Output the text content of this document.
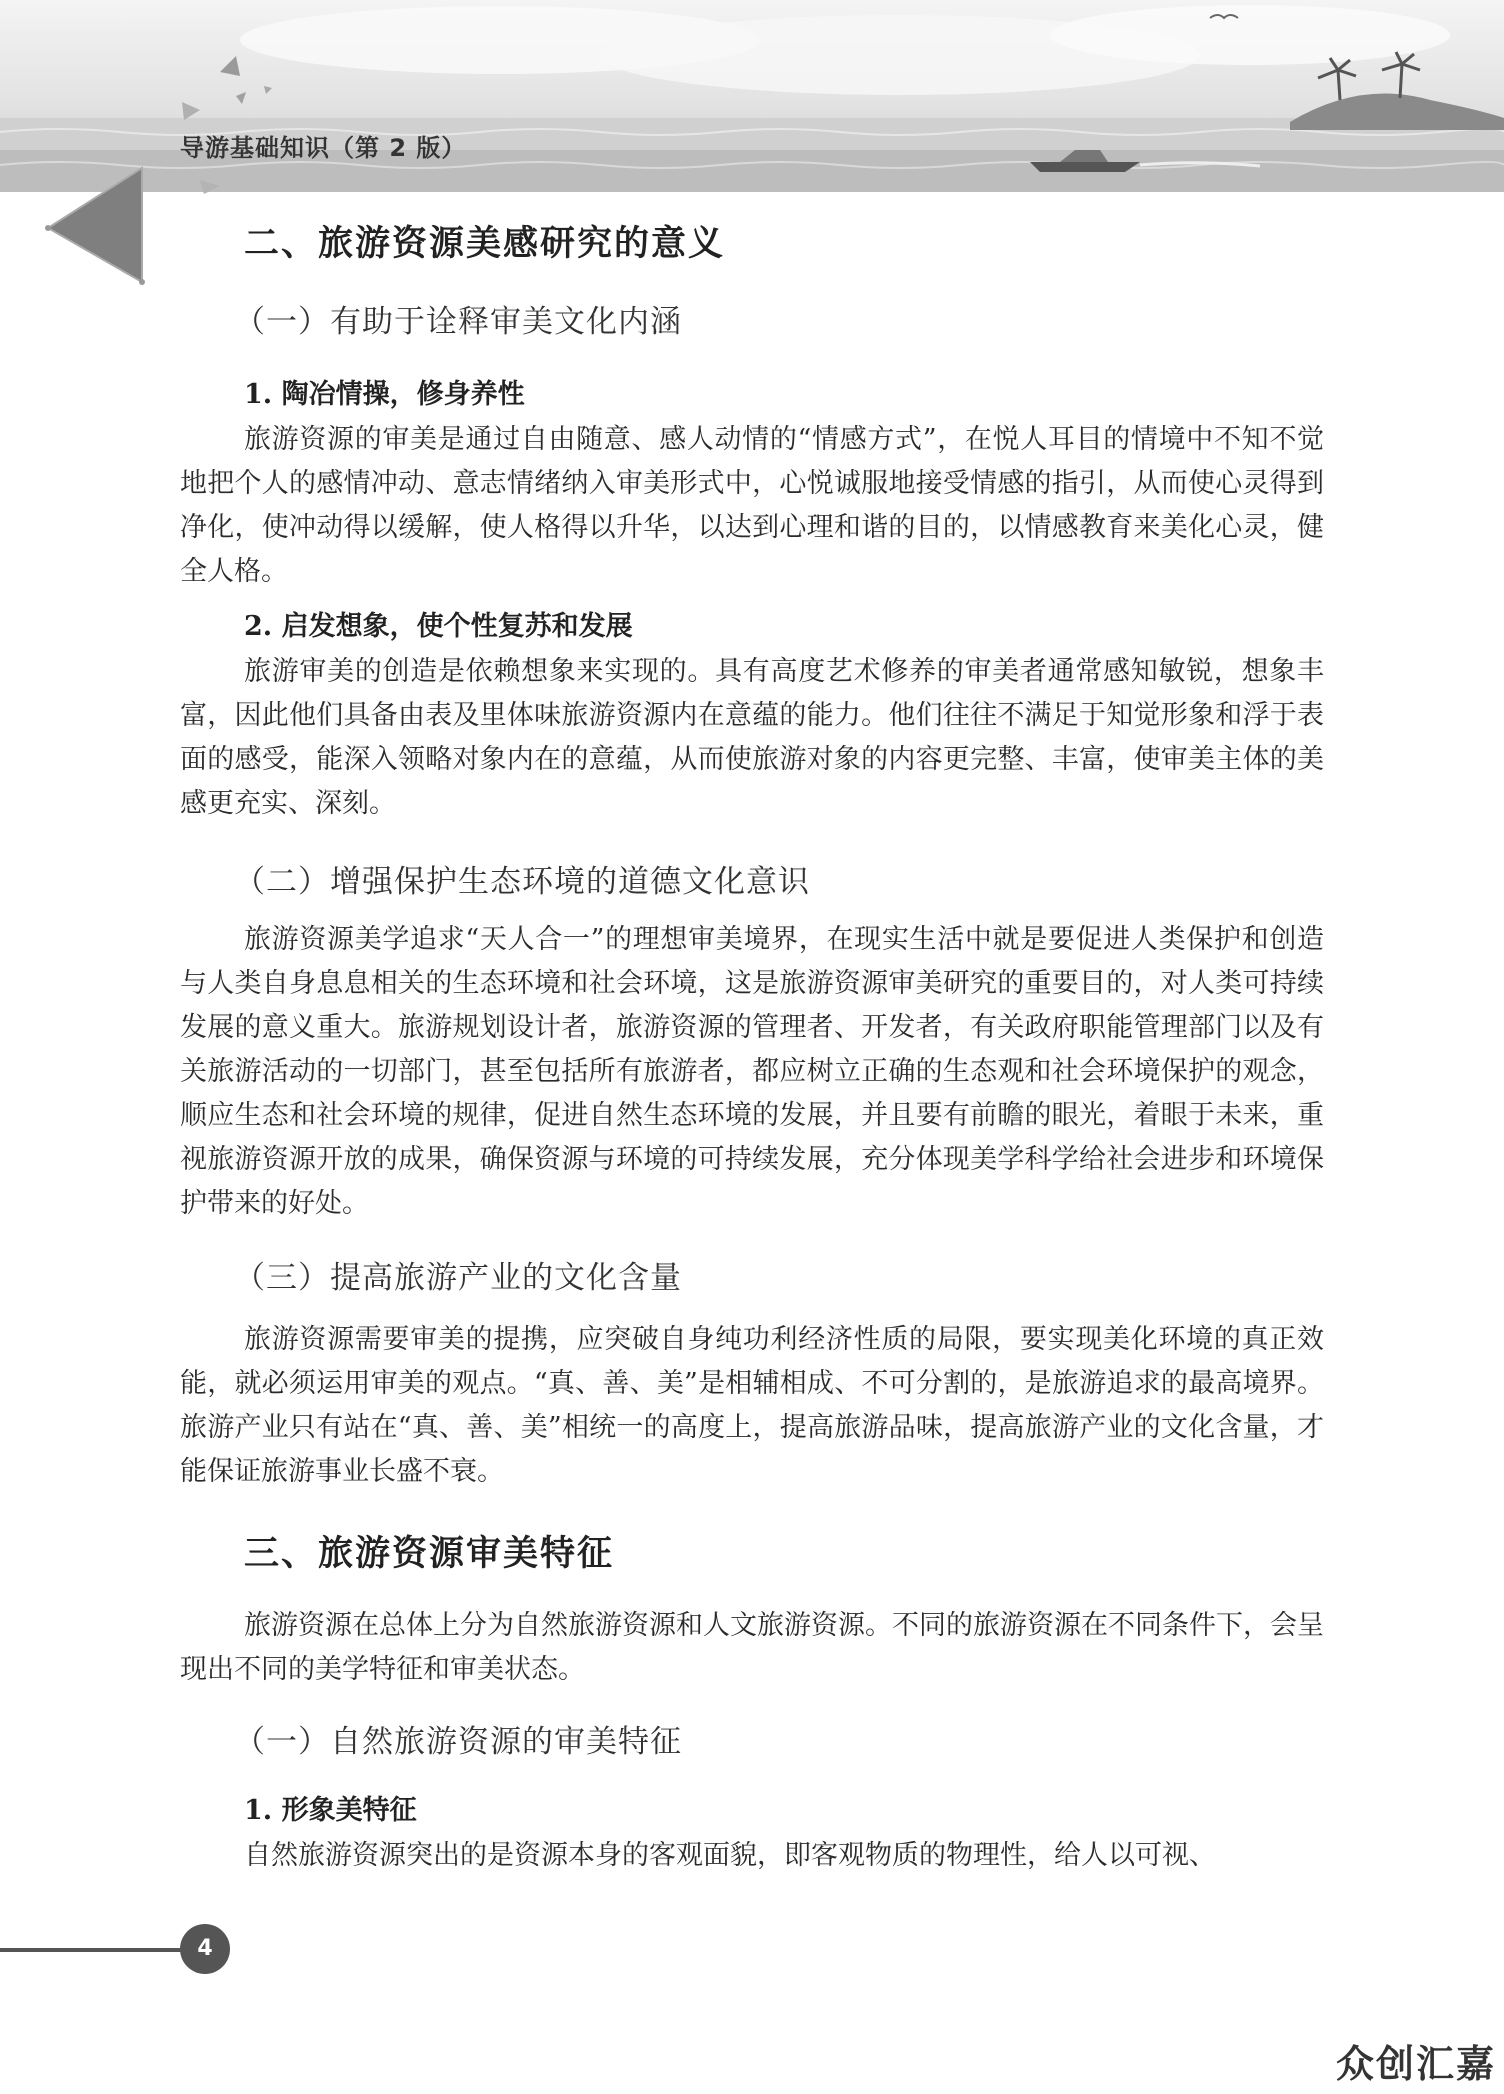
导游基础知识（第 2 版）
二、旅游资源美感研究的意义
（一）有助于诠释审美文化内涵
1. 陶冶情操，修身养性

旅游资源的审美是通过自由随意、感人动情的“情感方式”，在悦人耳目的情境中不知不觉地把个人的感情冲动、意志情绪纳入审美形式中，心悦诚服地接受情感的指引，从而使心灵得到净化，使冲动得以缓解，使人格得以升华，以达到心理和谐的目的，以情感教育来美化心灵，健全人格。

2. 启发想象，使个性复苏和发展

旅游审美的创造是依赖想象来实现的。具有高度艺术修养的审美者通常感知敏锐，想象丰富，因此他们具备由表及里体味旅游资源内在意蕴的能力。他们往往不满足于知觉形象和浮于表面的感受，能深入领略对象内在的意蕴，从而使旅游对象的内容更完整、丰富，使审美主体的美感更充实、深刻。

（二）增强保护生态环境的道德文化意识

旅游资源美学追求“天人合一”的理想审美境界，在现实生活中就是要促进人类保护和创造与人类自身息息相关的生态环境和社会环境，这是旅游资源审美研究的重要目的，对人类可持续发展的意义重大。旅游规划设计者，旅游资源的管理者、开发者，有关政府职能管理部门以及有关旅游活动的一切部门，甚至包括所有旅游者，都应树立正确的生态观和社会环境保护的观念，顺应生态和社会环境的规律，促进自然生态环境的发展，并且要有前瞻的眼光，着眼于未来，重视旅游资源开放的成果，确保资源与环境的可持续发展，充分体现美学科学给社会进步和环境保护带来的好处。

（三）提高旅游产业的文化含量

旅游资源需要审美的提携，应突破自身纯功利经济性质的局限，要实现美化环境的真正效能，就必须运用审美的观点。“真、善、美”是相辅相成、不可分割的，是旅游追求的最高境界。旅游产业只有站在“真、善、美”相统一的高度上，提高旅游品味，提高旅游产业的文化含量，才能保证旅游事业长盛不衰。

三、旅游资源审美特征

旅游资源在总体上分为自然旅游资源和人文旅游资源。不同的旅游资源在不同条件下，会呈现出不同的美学特征和审美状态。

（一）自然旅游资源的审美特征
1. 形象美特征

自然旅游资源突出的是资源本身的客观面貌，即客观物质的物理性，给人以可视、

4
众创汇嘉
